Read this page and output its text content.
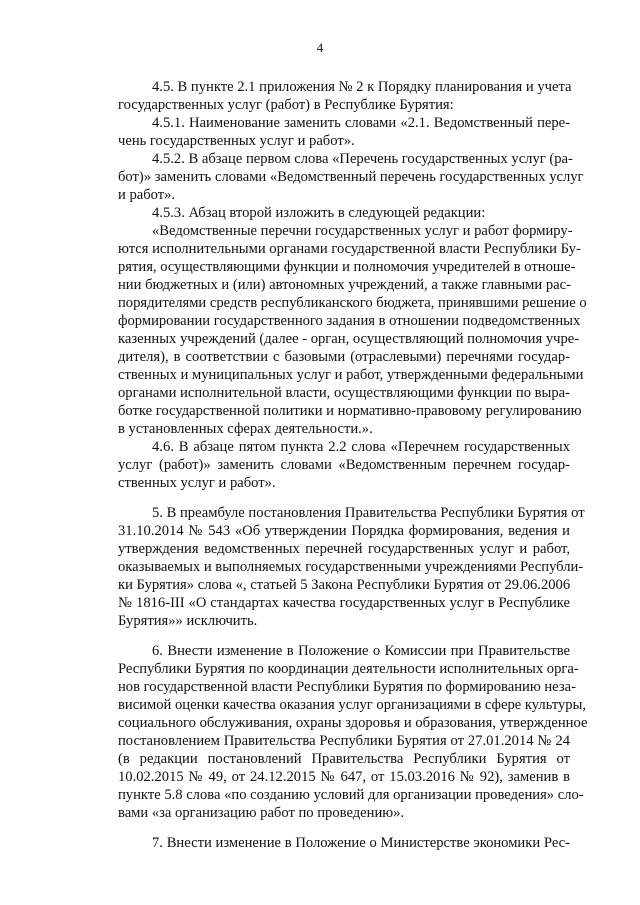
4
4.5. В пункте 2.1 приложения № 2 к Порядку планирования и учета
государственных услуг (работ) в Республике Бурятия:
4.5.1. Наименование заменить словами «2.1. Ведомственный пере-
чень государственных услуг и работ».
4.5.2. В абзаце первом слова «Перечень государственных услуг (ра-
бот)» заменить словами «Ведомственный перечень государственных услуг
и работ».
4.5.3. Абзац второй изложить в следующей редакции:
«Ведомственные перечни государственных услуг и работ формиру-
ются исполнительными органами государственной власти Республики Бу-
рятия, осуществляющими функции и полномочия учредителей в отноше-
нии бюджетных и (или) автономных учреждений, а также главными рас-
порядителями средств республиканского бюджета, принявшими решение о
формировании государственного задания в отношении подведомственных
казенных учреждений (далее - орган, осуществляющий полномочия учре-
дителя), в соответствии с базовыми (отраслевыми) перечнями государ-
ственных и муниципальных услуг и работ, утвержденными федеральными
органами исполнительной власти, осуществляющими функции по выра-
ботке государственной политики и нормативно-правовому регулированию
в установленных сферах деятельности.».
4.6. В абзаце пятом пункта 2.2 слова «Перечнем государственных
услуг (работ)» заменить словами «Ведомственным перечнем государ-
ственных услуг и работ».
5. В преамбуле постановления Правительства Республики Бурятия от
31.10.2014 № 543 «Об утверждении Порядка формирования, ведения и
утверждения ведомственных перечней государственных услуг и работ,
оказываемых и выполняемых государственными учреждениями Республи-
ки Бурятия» слова «, статьей 5 Закона Республики Бурятия от 29.06.2006
№ 1816-III «О стандартах качества государственных услуг в Республике
Бурятия»» исключить.
6. Внести изменение в Положение о Комиссии при Правительстве
Республики Бурятия по координации деятельности исполнительных орга-
нов государственной власти Республики Бурятия по формированию неза-
висимой оценки качества оказания услуг организациями в сфере культуры,
социального обслуживания, охраны здоровья и образования, утвержденное
постановлением Правительства Республики Бурятия от 27.01.2014 № 24
(в редакции постановлений Правительства Республики Бурятия от
10.02.2015 № 49, от 24.12.2015 № 647, от 15.03.2016 № 92), заменив в
пункте 5.8 слова «по созданию условий для организации проведения» сло-
вами «за организацию работ по проведению».
7. Внести изменение в Положение о Министерстве экономики Рес-
